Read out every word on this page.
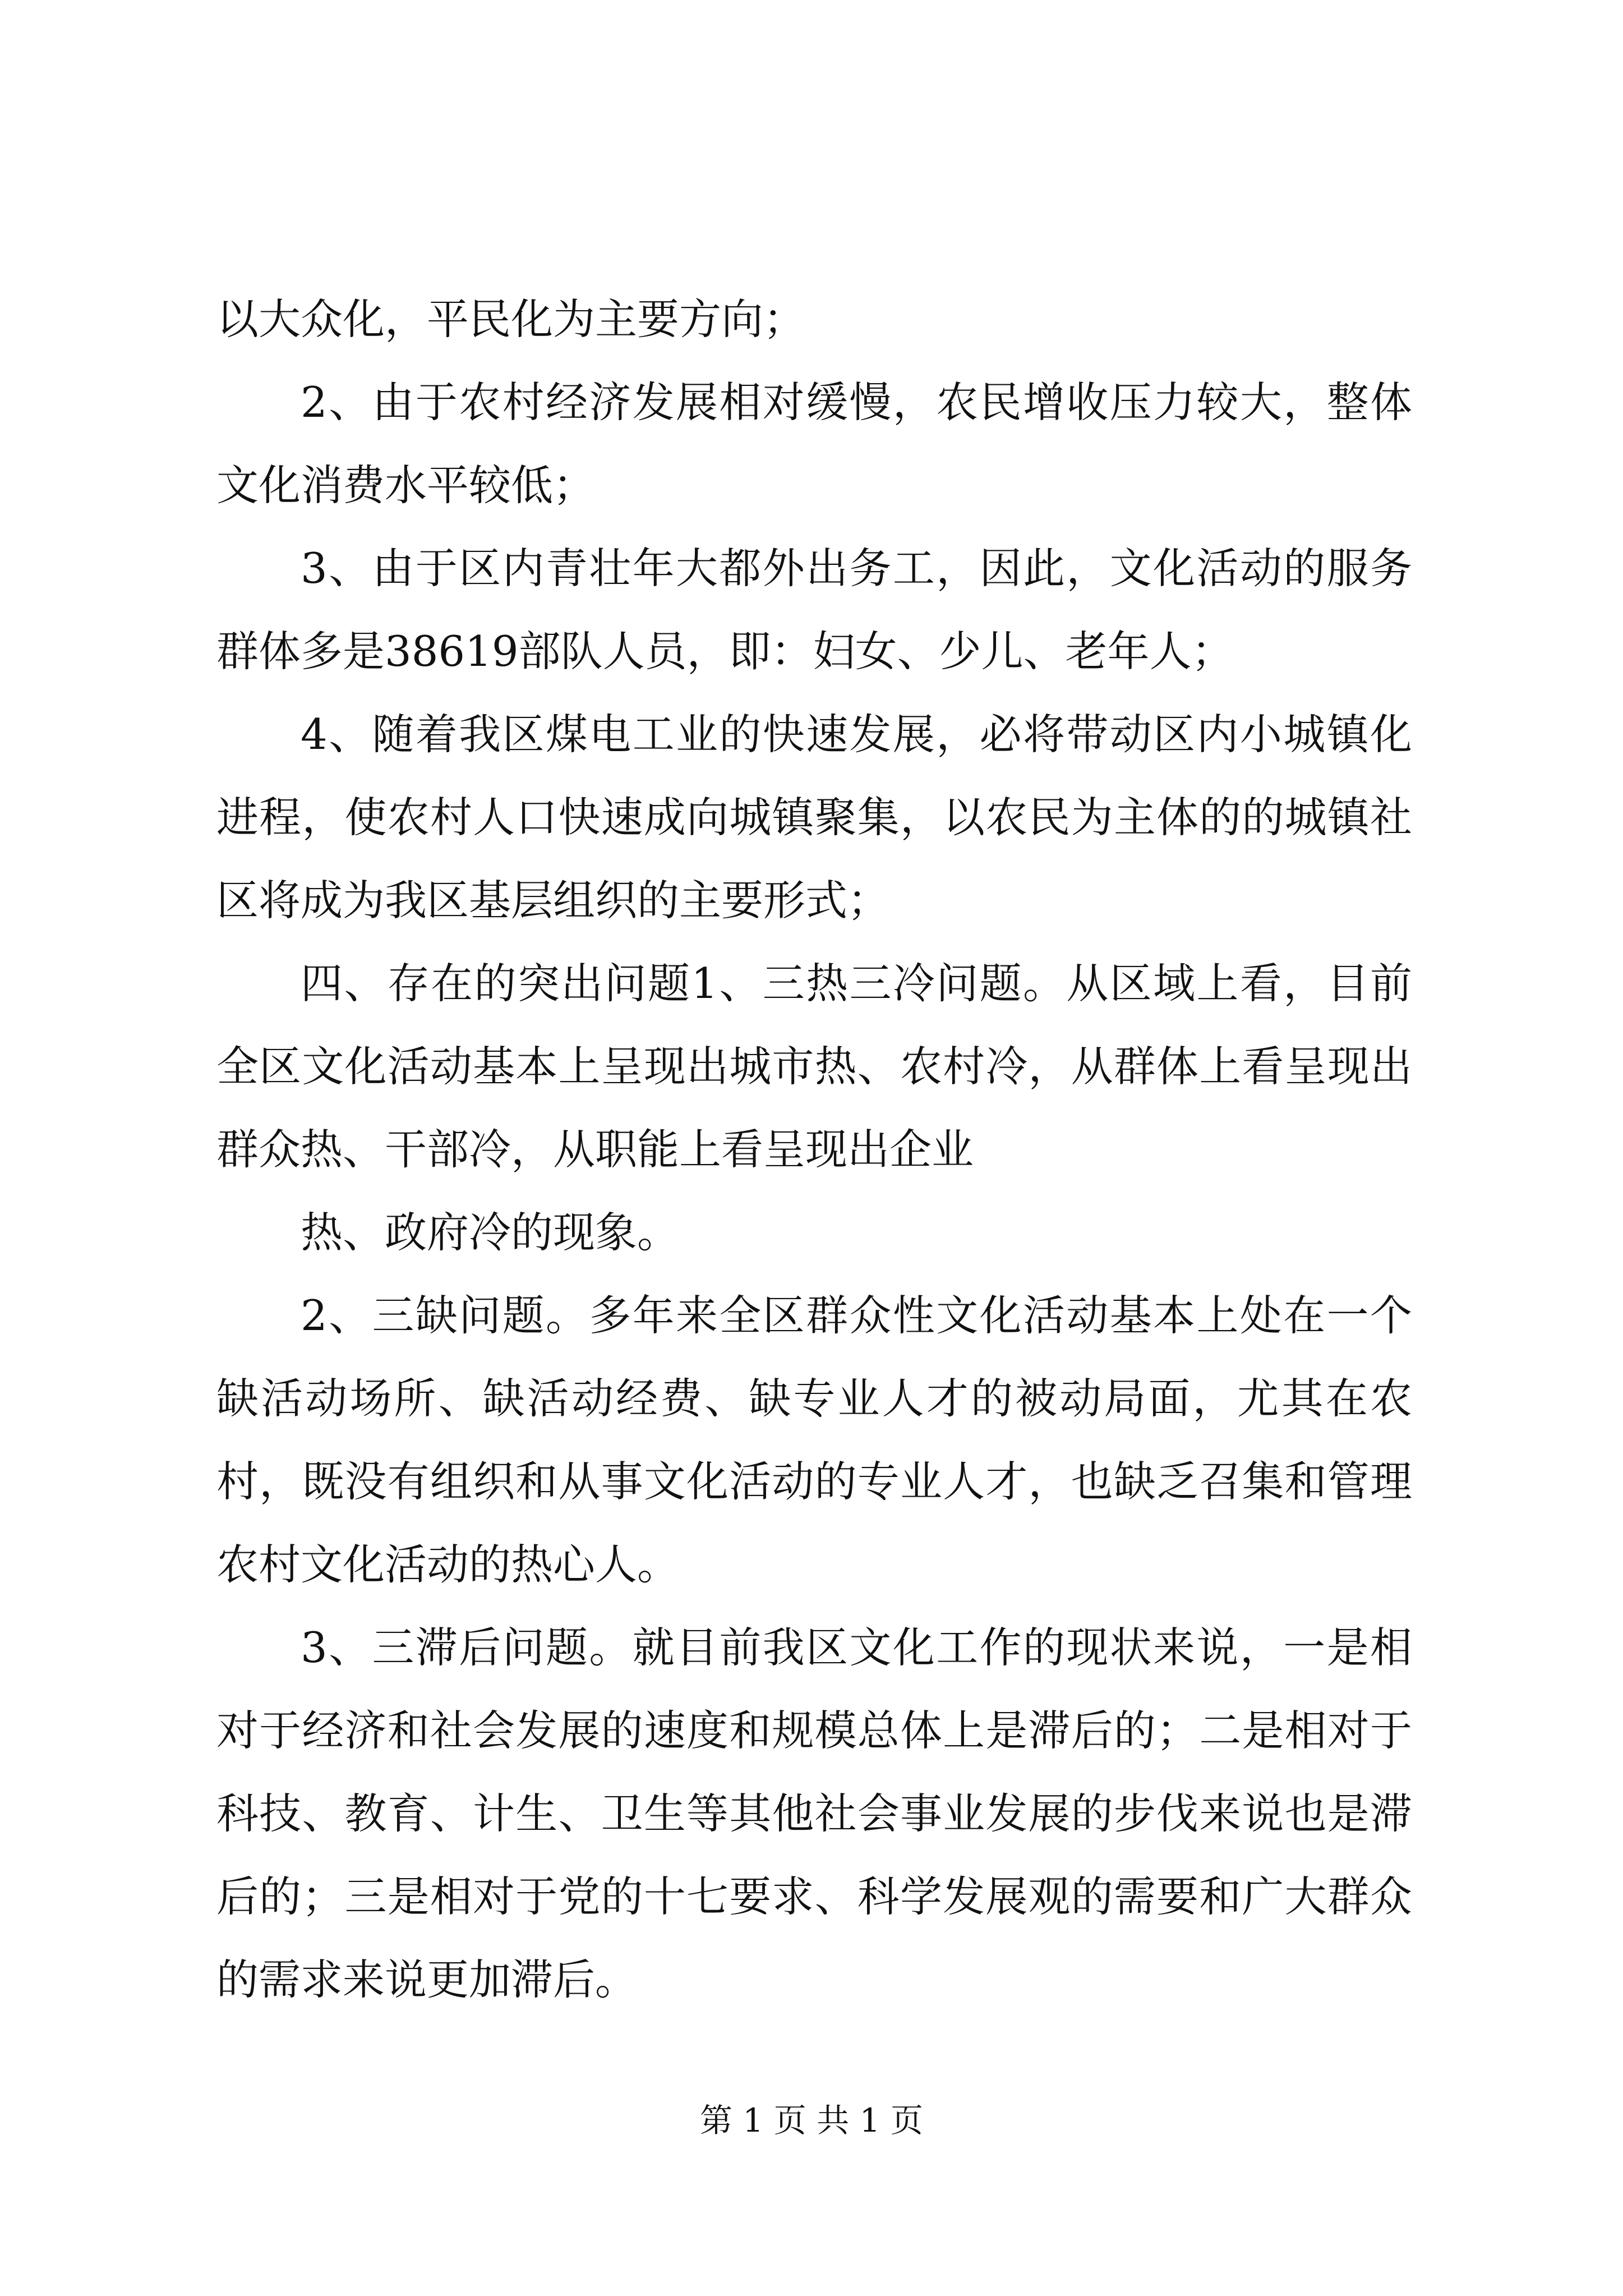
以大众化，平民化为主要方向；

2、由于农村经济发展相对缓慢，农民增收压力较大，整体文化消费水平较低；

3、由于区内青壮年大都外出务工，因此，文化活动的服务群体多是38619部队人员，即：妇女、少儿、老年人；

4、随着我区煤电工业的快速发展，必将带动区内小城镇化进程，使农村人口快速成向城镇聚集，以农民为主体的的城镇社区将成为我区基层组织的主要形式；

四、存在的突出问题1、三热三冷问题。从区域上看，目前全区文化活动基本上呈现出城市热、农村冷，从群体上看呈现出群众热、干部冷，从职能上看呈现出企业

热、政府冷的现象。

2、三缺问题。多年来全区群众性文化活动基本上处在一个缺活动场所、缺活动经费、缺专业人才的被动局面，尤其在农村，既没有组织和从事文化活动的专业人才，也缺乏召集和管理农村文化活动的热心人。

3、三滞后问题。就目前我区文化工作的现状来说，一是相对于经济和社会发展的速度和规模总体上是滞后的；二是相对于科技、教育、计生、卫生等其他社会事业发展的步伐来说也是滞后的；三是相对于党的十七要求、科学发展观的需要和广大群众的需求来说更加滞后。

第 1 页 共 1 页
